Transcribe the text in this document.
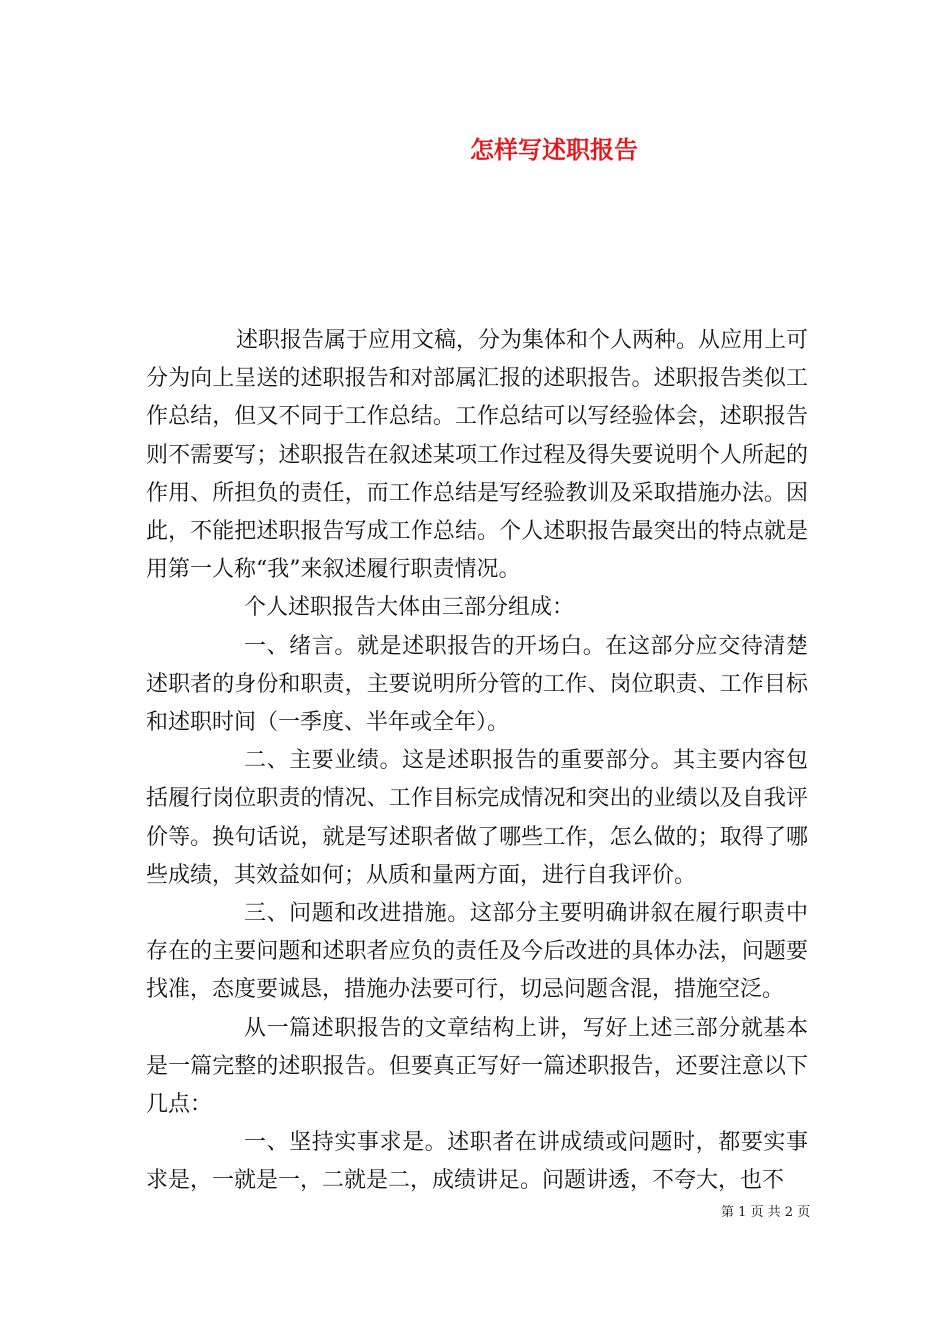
怎样写述职报告

述职报告属于应用文稿，分为集体和个人两种。从应用上可分为向上呈送的述职报告和对部属汇报的述职报告。述职报告类似工作总结，但又不同于工作总结。工作总结可以写经验体会，述职报告则不需要写；述职报告在叙述某项工作过程及得失要说明个人所起的作用、所担负的责任，而工作总结是写经验教训及采取措施办法。因此，不能把述职报告写成工作总结。个人述职报告最突出的特点就是用第一人称“我”来叙述履行职责情况。

个人述职报告大体由三部分组成：

一、绪言。就是述职报告的开场白。在这部分应交待清楚述职者的身份和职责，主要说明所分管的工作、岗位职责、工作目标和述职时间（一季度、半年或全年）。

二、主要业绩。这是述职报告的重要部分。其主要内容包括履行岗位职责的情况、工作目标完成情况和突出的业绩以及自我评价等。换句话说，就是写述职者做了哪些工作，怎么做的；取得了哪些成绩，其效益如何；从质和量两方面，进行自我评价。

三、问题和改进措施。这部分主要明确讲叙在履行职责中存在的主要问题和述职者应负的责任及今后改进的具体办法，问题要找准，态度要诚恳，措施办法要可行，切忌问题含混，措施空泛。

从一篇述职报告的文章结构上讲，写好上述三部分就基本是一篇完整的述职报告。但要真正写好一篇述职报告，还要注意以下几点：

一、坚持实事求是。述职者在讲成绩或问题时，都要实事求是，一就是一，二就是二，成绩讲足。问题讲透，不夸大，也不

第 1 页 共 2 页
